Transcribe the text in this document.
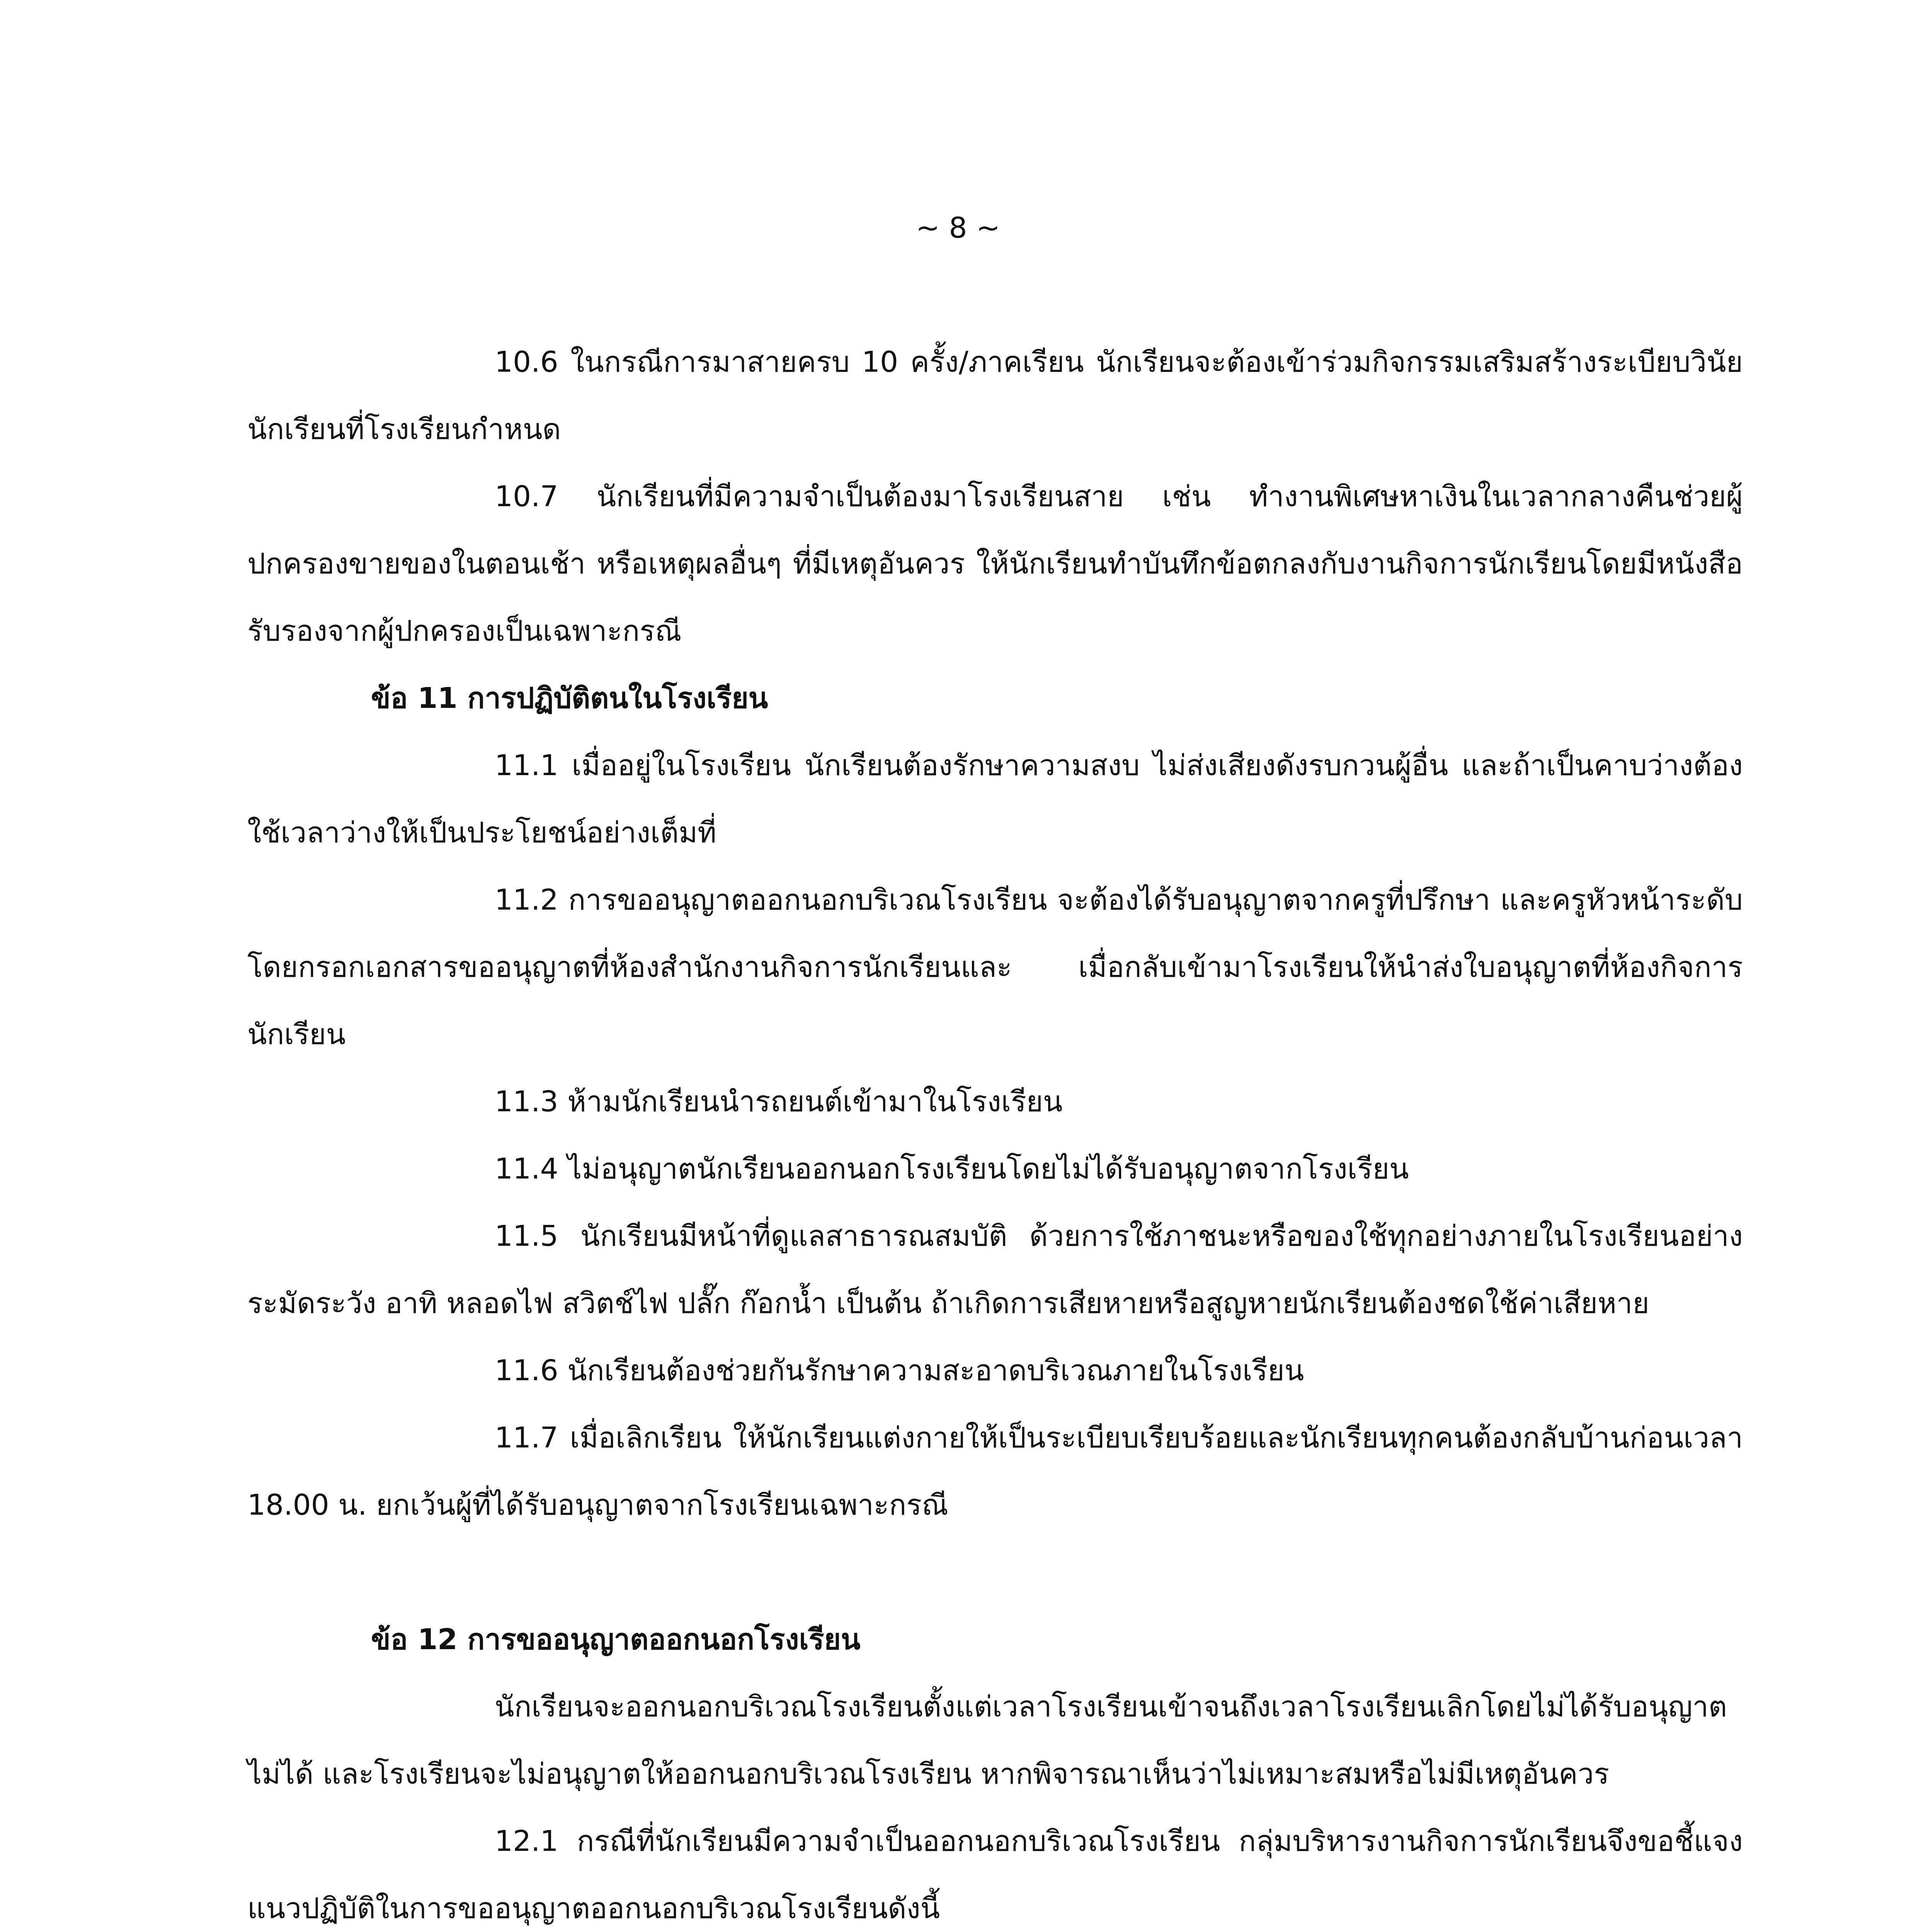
~ 8 ~

10.6 ในกรณีการมาสายครบ 10 ครั้ง/ภาคเรียน นักเรียนจะต้องเข้าร่วมกิจกรรมเสริมสร้างระเบียบวินัยนักเรียนที่โรงเรียนกำหนด

10.7 นักเรียนที่มีความจำเป็นต้องมาโรงเรียนสาย เช่น ทำงานพิเศษหาเงินในเวลากลางคืนช่วยผู้ปกครองขายของในตอนเช้า หรือเหตุผลอื่นๆ ที่มีเหตุอันควร ให้นักเรียนทำบันทึกข้อตกลงกับงานกิจการนักเรียนโดยมีหนังสือรับรองจากผู้ปกครองเป็นเฉพาะกรณี

ข้อ 11 การปฏิบัติตนในโรงเรียน

11.1 เมื่ออยู่ในโรงเรียน นักเรียนต้องรักษาความสงบ ไม่ส่งเสียงดังรบกวนผู้อื่น และถ้าเป็นคาบว่างต้องใช้เวลาว่างให้เป็นประโยชน์อย่างเต็มที่

11.2 การขออนุญาตออกนอกบริเวณโรงเรียน จะต้องได้รับอนุญาตจากครูที่ปรึกษา และครูหัวหน้าระดับ โดยกรอกเอกสารขออนุญาตที่ห้องสำนักงานกิจการนักเรียนและ เมื่อกลับเข้ามาโรงเรียนให้นำส่งใบอนุญาตที่ห้องกิจการนักเรียน

11.3 ห้ามนักเรียนนำรถยนต์เข้ามาในโรงเรียน

11.4 ไม่อนุญาตนักเรียนออกนอกโรงเรียนโดยไม่ได้รับอนุญาตจากโรงเรียน

11.5 นักเรียนมีหน้าที่ดูแลสาธารณสมบัติ ด้วยการใช้ภาชนะหรือของใช้ทุกอย่างภายในโรงเรียนอย่างระมัดระวัง อาทิ หลอดไฟ สวิตช์ไฟ ปลั๊ก ก๊อกน้ำ เป็นต้น ถ้าเกิดการเสียหายหรือสูญหายนักเรียนต้องชดใช้ค่าเสียหาย

11.6 นักเรียนต้องช่วยกันรักษาความสะอาดบริเวณภายในโรงเรียน

11.7 เมื่อเลิกเรียน ให้นักเรียนแต่งกายให้เป็นระเบียบเรียบร้อยและนักเรียนทุกคนต้องกลับบ้านก่อนเวลา 18.00 น. ยกเว้นผู้ที่ได้รับอนุญาตจากโรงเรียนเฉพาะกรณี

ข้อ 12 การขออนุญาตออกนอกโรงเรียน

นักเรียนจะออกนอกบริเวณโรงเรียนตั้งแต่เวลาโรงเรียนเข้าจนถึงเวลาโรงเรียนเลิกโดยไม่ได้รับอนุญาตไม่ได้ และโรงเรียนจะไม่อนุญาตให้ออกนอกบริเวณโรงเรียน หากพิจารณาเห็นว่าไม่เหมาะสมหรือไม่มีเหตุอันควร

12.1 กรณีที่นักเรียนมีความจำเป็นออกนอกบริเวณโรงเรียน กลุ่มบริหารงานกิจการนักเรียนจึงขอชี้แจงแนวปฏิบัติในการขออนุญาตออกนอกบริเวณโรงเรียนดังนี้
